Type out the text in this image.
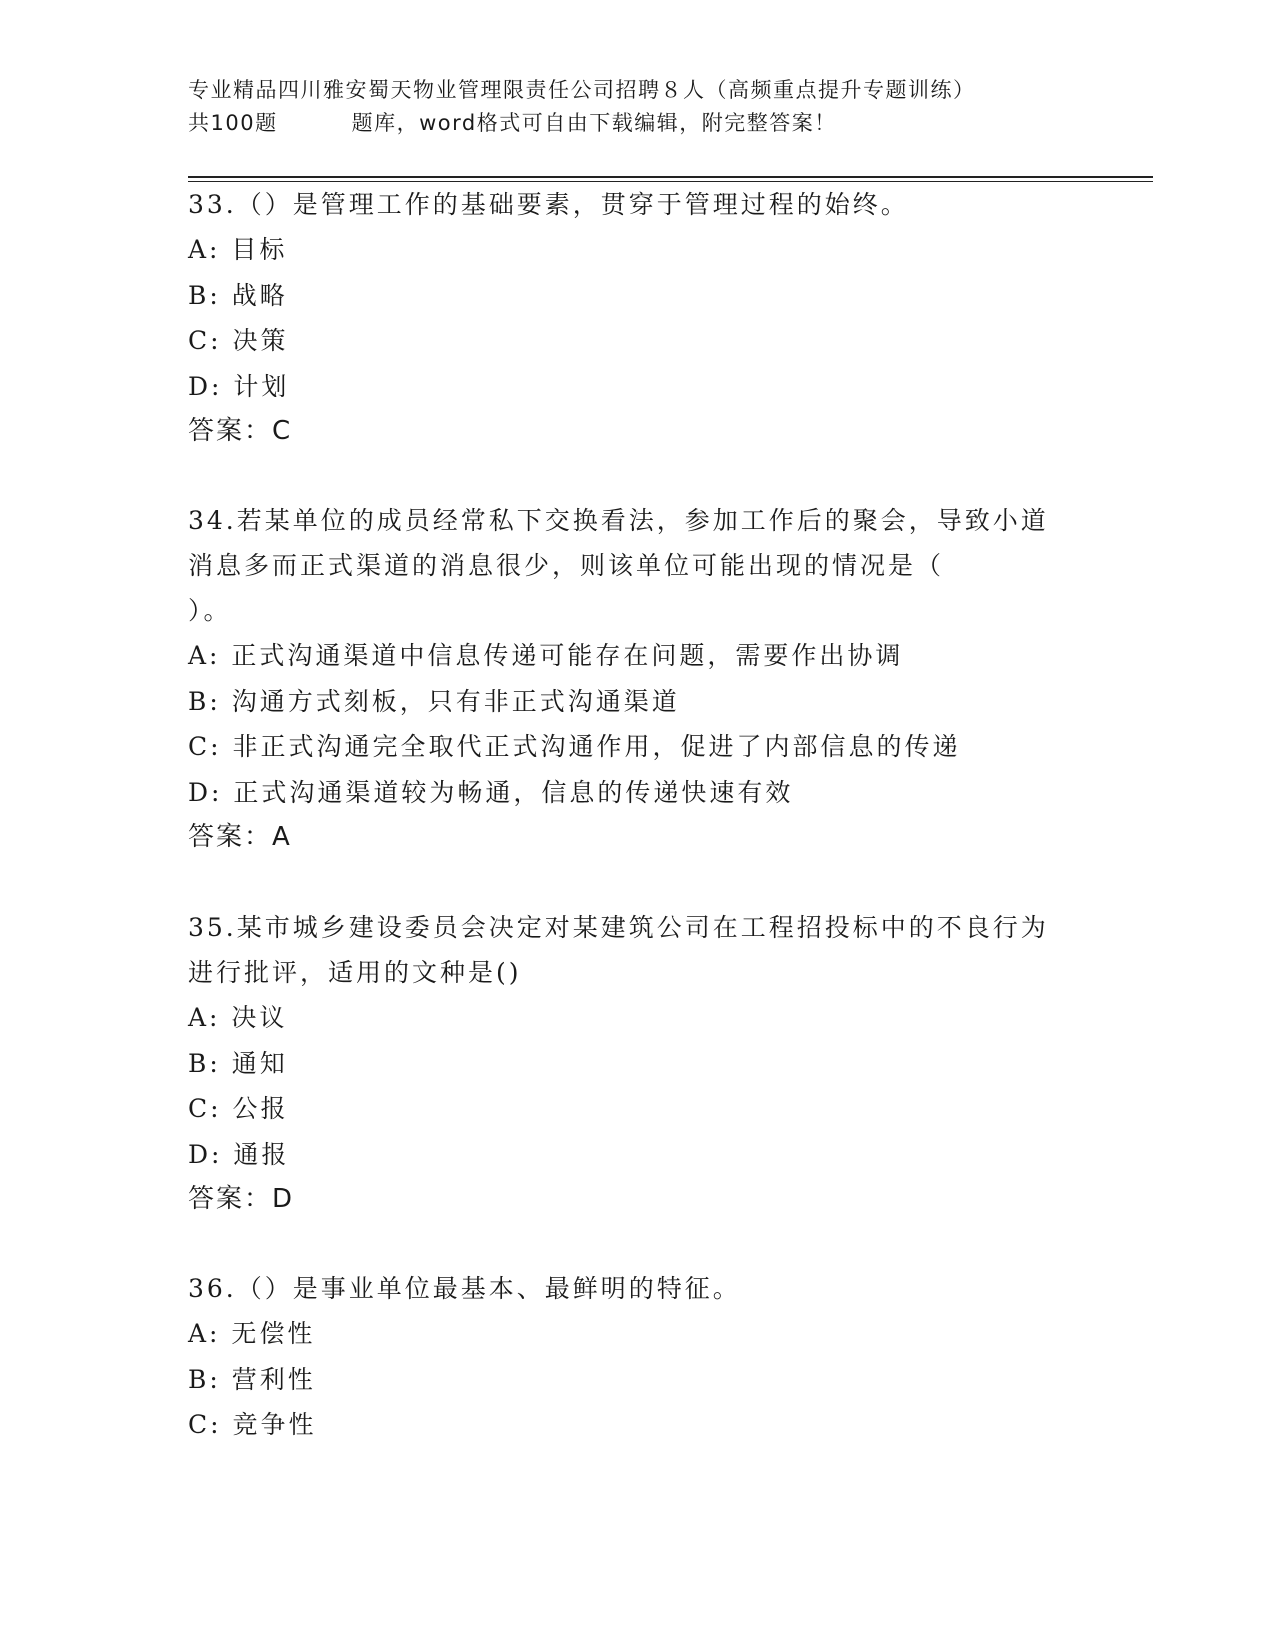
专业精品四川雅安蜀天物业管理限责任公司招聘８人（高频重点提升专题训练）
共100题	题库，word格式可自由下载编辑，附完整答案！
33.（）是管理工作的基础要素，贯穿于管理过程的始终。
A: 目标
B: 战略
C: 决策
D: 计划
答案：C
34.若某单位的成员经常私下交换看法，参加工作后的聚会，导致小道
消息多而正式渠道的消息很少，则该单位可能出现的情况是（
）。
A: 正式沟通渠道中信息传递可能存在问题，需要作出协调
B: 沟通方式刻板，只有非正式沟通渠道
C: 非正式沟通完全取代正式沟通作用，促进了内部信息的传递
D: 正式沟通渠道较为畅通，信息的传递快速有效
答案：A
35.某市城乡建设委员会决定对某建筑公司在工程招投标中的不良行为
进行批评，适用的文种是()
A: 决议
B: 通知
C: 公报
D: 通报
答案：D
36.（）是事业单位最基本、最鲜明的特征。
A: 无偿性
B: 营利性
C: 竞争性
